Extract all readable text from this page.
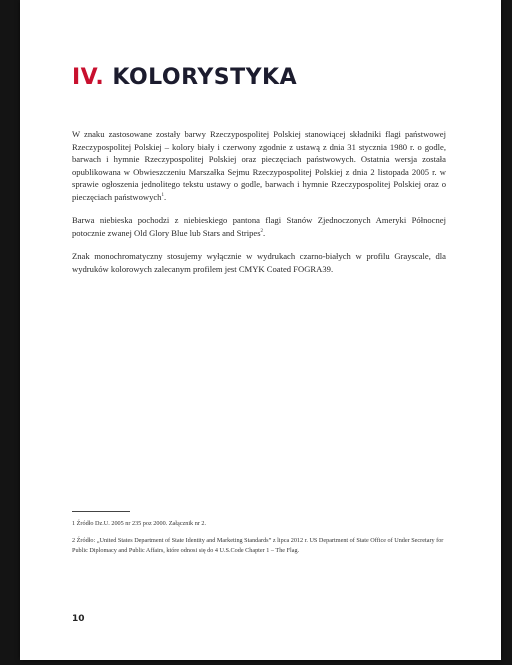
IV. KOLORYSTYKA

W znaku zastosowane zostały barwy Rzeczypospolitej Polskiej stanowiącej składniki flagi państwowej Rzeczypospolitej Polskiej – kolory biały i czerwony zgodnie z ustawą z dnia 31 stycznia 1980 r. o godle, barwach i hymnie Rzeczypospolitej Polskiej oraz pieczęciach państwowych. Ostatnia wersja została opublikowana w Obwieszczeniu Marszałka Sejmu Rzeczypospolitej Polskiej z dnia 2 listopada 2005 r. w sprawie ogłoszenia jednolitego tekstu ustawy o godle, barwach i hymnie Rzeczypospolitej Polskiej oraz o pieczęciach państwowych$^1$.

Barwa niebieska pochodzi z niebieskiego pantona flagi Stanów Zjednoczonych Ameryki Północnej potocznie zwanej Old Glory Blue lub Stars and Stripes$^2$.

Znak monochromatyczny stosujemy wyłącznie w wydrukach czarno-białych w profilu Grayscale, dla wydruków kolorowych zalecanym profilem jest CMYK Coated FOGRA39.

1 Źródło Dz.U. 2005 nr 235 poz 2000. Załącznik nr 2.

2 Źródło: „United States Department of State Identity and Marketing Standards” z lipca 2012 r. US Department of State Office of Under Secretary for Public Diplomacy and Public Affairs, które odnosi się do 4 U.S.Code Chapter 1 – The Flag.

10
